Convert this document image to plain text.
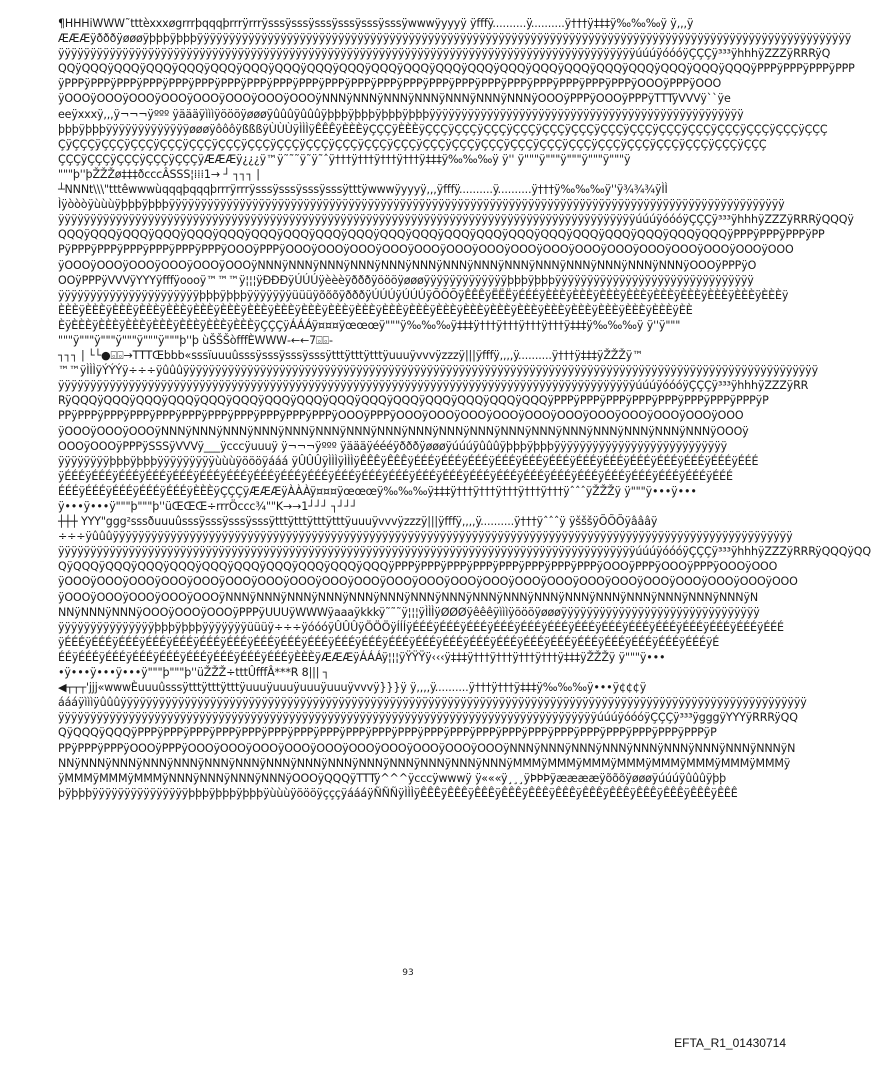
¶HHHiWWW˜tttèxxxøgrrrþqqqþrrrÿrrrÿsssÿsssÿsssÿsssÿsssÿsssÿwwwÿyyyÿ ÿfffÿ..........ÿ..........ÿ†††ÿ‡‡‡ÿ‰‰‰ÿ ÿ,,,ÿ
ÆÆÆÿðððÿøøøÿþþþÿþþþÿÿÿÿÿÿÿÿÿÿÿÿÿÿÿÿÿÿÿÿÿÿÿÿÿÿÿÿÿÿÿÿÿÿÿÿÿÿÿÿÿÿÿÿÿÿÿÿÿÿÿÿÿÿÿÿÿÿÿÿÿÿÿÿÿÿÿÿÿÿÿÿÿÿÿÿÿÿÿÿÿÿÿÿÿÿÿÿÿÿÿÿÿÿÿÿÿÿÿÿÿÿ
ÿÿÿÿÿÿÿÿÿÿÿÿÿÿÿÿÿÿÿÿÿÿÿÿÿÿÿÿÿÿÿÿÿÿÿÿÿÿÿÿÿÿÿÿÿÿÿÿÿÿÿÿÿÿÿÿÿÿÿÿÿÿÿÿÿÿÿÿÿÿÿÿÿÿÿÿÿÿÿÿÿÿÿÿÿÿÿÿÿÿúúúÿóóóÿÇÇÇÿ³³³ÿhhhÿZZZÿRRRÿQ
QQÿQQQÿQQQÿQQQÿQQQÿQQQÿQQQÿQQQÿQQQÿQQQÿQQQÿQQQÿQQQÿQQQÿQQQÿQQQÿQQQÿQQQÿQQQÿQQQÿQQQÿQQQÿPPPÿPPPÿPPPÿPPP
ÿPPPÿPPPÿPPPÿPPPÿPPPÿPPPÿPPPÿPPPÿPPPÿPPPÿPPPÿPPPÿPPPÿPPPÿPPPÿPPPÿPPPÿPPPÿPPPÿPPPÿPPPÿPPPÿOOOÿPPPÿOOO
ÿOOOÿOOOÿOOOÿOOOÿOOOÿOOOÿOOOÿOOOÿNNNÿNNNÿNNNÿNNNÿNNNÿNNNÿNNNÿOOOÿPPPÿOOOÿPPPÿTTTÿVVVÿ``ÿe
eeÿxxxÿ,,,ÿ¬¬¬ÿººº ÿäääÿìììÿöööÿøøøÿûûûÿûûûÿþþþÿþþþÿþþþÿþþþÿÿÿÿÿÿÿÿÿÿÿÿÿÿÿÿÿÿÿÿÿÿÿÿÿÿÿÿÿÿÿÿÿÿÿÿÿÿÿÿÿÿÿÿÿÿÿÿÿ
þþþÿþþþÿÿÿÿÿÿÿÿÿÿÿÿÿøøøÿôôôÿßßßÿÙÙÙÿÌÌÌÿÊÊÊÿÈÈÈÿÇÇÇÿÈÈÈÿÇÇÇÿÇÇÇÿÇÇÇÿÇÇÇÿÇÇÇÿÇÇÇÿÇÇÇÿÇÇÇÿÇÇÇÿÇÇÇÿÇÇÇÿÇÇÇÿÇÇÇÿÇÇÇ
ÇÿÇÇÇÿÇÇÇÿÇÇÇÿÇÇÇÿÇÇÇÿÇÇÇÿÇÇÇÿÇÇÇÿÇÇÇÿÇÇÇÿÇÇÇÿÇÇÇÿÇÇÇÿÇÇÇÿÇÇÇÿÇÇÇÿÇÇÇÿÇÇÇÿÇÇÇÿÇÇÇÿÇÇÇÿÇÇÇÿÇÇÇÿÇÇÇ
ÇÇÇÿÇÇÇÿÇÇÇÿÇÇÇÿÇÇÇÿÆÆÆÿ¿¿¿ÿ™ÿ˜˜˜ÿ˜ÿ˜ˆÿ†††ÿ†††ÿ†††ÿ†††ÿ‡‡‡ÿ‰‰‰ÿ ÿ'' ÿ"""ÿ"""ÿ"""ÿ"""ÿ"""ÿ
"""þ''þŽŽŽø‡‡‡ðcccÂSSS¦⁞⁞⁞1→ ┘ ┐┐┐ |
┴NNNt\\\"tttêwwwùqqqþqqqþrrrÿrrrÿsssÿsssÿsssÿsssÿtttÿwwwÿyyyÿ,,,ÿfffÿ..........ÿ..........ÿ†††ÿ‰‰‰ÿ''ÿ¾¾¾ÿÌÌ
Ìÿòòòÿùùùÿþþþÿþþþÿÿÿÿÿÿÿÿÿÿÿÿÿÿÿÿÿÿÿÿÿÿÿÿÿÿÿÿÿÿÿÿÿÿÿÿÿÿÿÿÿÿÿÿÿÿÿÿÿÿÿÿÿÿÿÿÿÿÿÿÿÿÿÿÿÿÿÿÿÿÿÿÿÿÿÿÿÿÿÿÿÿÿÿÿÿÿÿÿÿÿÿÿÿÿÿ
ÿÿÿÿÿÿÿÿÿÿÿÿÿÿÿÿÿÿÿÿÿÿÿÿÿÿÿÿÿÿÿÿÿÿÿÿÿÿÿÿÿÿÿÿÿÿÿÿÿÿÿÿÿÿÿÿÿÿÿÿÿÿÿÿÿÿÿÿÿÿÿÿÿÿÿÿÿÿÿÿÿÿÿÿÿÿÿÿÿÿúúúÿóóóÿÇÇÇÿ³³³ÿhhhÿZZZÿRRRÿQQQÿ
QQQÿQQQÿQQQÿQQQÿQQQÿQQQÿQQQÿQQQÿQQQÿQQQÿQQQÿQQQÿQQQÿQQQÿQQQÿQQQÿQQQÿQQQÿQQQÿQQQÿQQQÿPPPÿPPPÿPPPÿPP
PÿPPPÿPPPÿPPPÿPPPÿPPPÿPPPÿOOOÿPPPÿOOOÿOOOÿOOOÿOOOÿOOOÿOOOÿOOOÿOOOÿOOOÿOOOÿOOOÿOOOÿOOOÿOOOÿOOOÿOOO
ÿOOOÿOOOÿOOOÿOOOÿOOOÿOOOÿNNNÿNNNÿNNNÿNNNÿNNNÿNNNÿNNNÿNNNÿNNNÿNNNÿNNNÿNNNÿNNNÿNNNÿOOOÿPPPÿO
OOÿPPPÿVVVÿYYYÿfffÿoooÿ™™™ÿ¦¦¦ÿÐÐÐÿÚÚÚÿèèèÿðððÿöööÿøøøÿÿÿÿÿÿÿÿÿÿÿÿÿþþþÿþþþÿÿÿÿÿÿÿÿÿÿÿÿÿÿÿÿÿÿÿÿÿÿÿÿÿÿÿÿÿÿÿ
ÿÿÿÿÿÿÿÿÿÿÿÿÿÿÿÿÿÿÿÿÿÿþþþÿþþþÿÿÿÿÿÿÿüüüÿõõõÿðððÿÚÚÚÿÚÚÚÿÕÕÕÿÊÊÊÿËËËÿÉÉÉÿÈÈÈÿÈÈÈÿÈÈÈÿÈÈÈÿÈÈÈÿÈÈÈÿÈÈÈÿÈÈÈÿÈÈÈÿ
ÈÈÈÿÈÈÈÿÈÈÈÿÈÈÈÿÈÈÈÿÈÈÈÿÈÈÈÿÈÈÈÿÈÈÈÿÈÈÈÿÈÈÈÿÈÈÈÿÈÈÈÿÈÈÈÿÈÈÈÿÈÈÈÿÈÈÈÿÈÈÈÿÈÈÈÿÈÈÈÿÈÈÈÿÈÈÈÿÈÈÈÿÈÈ
ÈÿÈÈÈÿÈÈÈÿÈÈÈÿÈÈÈÿÈÈÈÿÈÈÈÿÈÈÈÿÇÇÇÿÁÁÁÿ¤¤¤ÿœœœÿ"""ÿ‰‰‰ÿ‡‡‡ÿ†††ÿ†††ÿ†††ÿ†††ÿ‡‡‡ÿ‰‰‰ÿ ÿ''ÿ"""
"""ÿ"""ÿ"""ÿ"""ÿ"""ÿ"""þ''þ ùŠŠŠòfffÈWWW‑←←7⌻⌻-
┐┐┐ | └└●⌻⌻→TTTŒbbb«sssïuuuûsssÿsssÿsssÿsssÿtttÿtttÿtttÿuuuÿvvvÿzzzÿ|||ÿfffÿ,,,,ÿ..........ÿ†††ÿ‡‡‡ÿŽŽŽÿ™
™™ÿÌÌÌÿÝÝÝÿ÷÷÷ÿûûûÿÿÿÿÿÿÿÿÿÿÿÿÿÿÿÿÿÿÿÿÿÿÿÿÿÿÿÿÿÿÿÿÿÿÿÿÿÿÿÿÿÿÿÿÿÿÿÿÿÿÿÿÿÿÿÿÿÿÿÿÿÿÿÿÿÿÿÿÿÿÿÿÿÿÿÿÿÿÿÿÿÿÿÿÿÿÿÿÿÿÿÿÿÿÿÿÿÿÿ
ÿÿÿÿÿÿÿÿÿÿÿÿÿÿÿÿÿÿÿÿÿÿÿÿÿÿÿÿÿÿÿÿÿÿÿÿÿÿÿÿÿÿÿÿÿÿÿÿÿÿÿÿÿÿÿÿÿÿÿÿÿÿÿÿÿÿÿÿÿÿÿÿÿÿÿÿÿÿÿÿÿÿÿÿÿÿÿÿÿÿúúúÿóóóÿÇÇÇÿ³³³ÿhhhÿZZZÿRR
RÿQQQÿQQQÿQQQÿQQQÿQQQÿQQQÿQQQÿQQQÿQQQÿQQQÿQQQÿQQQÿQQQÿQQQÿQQQÿPPPÿPPPÿPPPÿPPPÿPPPÿPPPÿPPPÿPPPÿP
PPÿPPPÿPPPÿPPPÿPPPÿPPPÿPPPÿPPPÿPPPÿPPPÿPPPÿOOOÿPPPÿOOOÿOOOÿOOOÿOOOÿOOOÿOOOÿOOOÿOOOÿOOOÿOOOÿOOO
ÿOOOÿOOOÿOOOÿNNNÿNNNÿNNNÿNNNÿNNNÿNNNÿNNNÿNNNÿNNNÿNNNÿNNNÿNNNÿNNNÿNNNÿNNNÿNNNÿNNNÿNNNÿOOOÿ
OOOÿOOOÿPPPÿSSSÿVVVÿ___ÿcccÿuuuÿ ÿ¬¬¬ÿººº ÿäääÿéééÿðððÿøøøÿúúúÿûûûÿþþþÿþþþÿÿÿÿÿÿÿÿÿÿÿÿÿÿÿÿÿÿÿÿÿÿÿÿÿÿÿ
ÿÿÿÿÿÿÿÿþþþÿþþþÿÿÿÿÿÿÿÿÿùùùÿöööÿááá ÿÛÛÛÿÌÌÌÿÌÌÌÿÊÊÊÿÊÊÊÿÉÉÉÿÉÉÉÿÉÉÉÿÉÉÉÿÉÉÉÿÉÉÉÿÉÉÉÿÉÉÉÿÉÉÉÿÉÉÉÿÉÉÉÿÉÉÉÿÉÉÉ
ÿÉÉÉÿÉÉÉÿÉÉÉÿÉÉÉÿÉÉÉÿÉÉÉÿÉÉÉÿÉÉÉÿÉÉÉÿÉÉÉÿÉÉÉÿÉÉÉÿÉÉÉÿÉÉÉÿÉÉÉÿÉÉÉÿÉÉÉÿÉÉÉÿÉÉÉÿÉÉÉÿÉÉÉÿÉÉÉÿÉÉÉÿÉÉÉÿÉÉÉ
ÉÉÉÿÉÉÉÿÉÉÉÿÉÉÉÿÉÉÉÿÈÈÈÿÇÇÇÿÆÆÆÿÀÀÀÿ¤¤¤ÿœœœÿ‰‰‰ÿ‡‡‡ÿ†††ÿ†††ÿ†††ÿ†††ÿ†††ÿˆˆˆÿŽŽŽÿ ÿ"""ÿ•••ÿ•••
ÿ•••ÿ•••ÿ"""þ"""þ''üŒŒŒ÷rrrÖccc¾""K→→1┘┘┘ ┐┘┘┘
┼┼┼ YYY"ggg²sssðuuuûsssÿsssÿsssÿsssÿtttÿtttÿtttÿtttÿuuuÿvvvÿzzzÿ|||ÿfffÿ,,,,ÿ..........ÿ†††ÿˆˆˆÿ ÿšššÿÕÕÕÿâââÿ
÷÷÷ÿûûûÿÿÿÿÿÿÿÿÿÿÿÿÿÿÿÿÿÿÿÿÿÿÿÿÿÿÿÿÿÿÿÿÿÿÿÿÿÿÿÿÿÿÿÿÿÿÿÿÿÿÿÿÿÿÿÿÿÿÿÿÿÿÿÿÿÿÿÿÿÿÿÿÿÿÿÿÿÿÿÿÿÿÿÿÿÿÿÿÿÿÿÿÿÿÿÿÿÿÿÿÿÿÿÿÿÿ
ÿÿÿÿÿÿÿÿÿÿÿÿÿÿÿÿÿÿÿÿÿÿÿÿÿÿÿÿÿÿÿÿÿÿÿÿÿÿÿÿÿÿÿÿÿÿÿÿÿÿÿÿÿÿÿÿÿÿÿÿÿÿÿÿÿÿÿÿÿÿÿÿÿÿÿÿÿÿÿÿÿÿÿÿÿÿÿÿÿÿúúúÿóóóÿÇÇÇÿ³³³ÿhhhÿZZZÿRRRÿQQQÿQQ
QÿQQQÿQQQÿQQQÿQQQÿQQQÿQQQÿQQQÿQQQÿQQQÿQQQÿPPPÿPPPÿPPPÿPPPÿPPPÿPPPÿPPPÿPPPÿOOOÿPPPÿOOOÿPPPÿOOOÿOOO
ÿOOOÿOOOÿOOOÿOOOÿOOOÿOOOÿOOOÿOOOÿOOOÿOOOÿOOOÿOOOÿOOOÿOOOÿOOOÿOOOÿOOOÿOOOÿOOOÿOOOÿOOOÿOOOÿOOO
ÿOOOÿOOOÿOOOÿOOOÿOOOÿNNNÿNNNÿNNNÿNNNÿNNNÿNNNÿNNNÿNNNÿNNNÿNNNÿNNNÿNNNÿNNNÿNNNÿNNNÿNNNÿNNNÿN
NNÿNNNÿNNNÿOOOÿOOOÿOOOÿPPPÿUUUÿWWWÿaaaÿkkkÿ˜˜˜ÿ¦¦¦ÿÌÌÌÿØØØÿêêêÿìììÿöööÿøøøÿÿÿÿÿÿÿÿÿÿÿÿÿÿÿÿÿÿÿÿÿÿÿÿÿÿÿÿÿÿÿ
ÿÿÿÿÿÿÿÿÿÿÿÿÿÿÿþþþÿþþþÿÿÿÿÿÿÿüüüÿ÷÷÷ÿóóóÿÛÛÛÿÖÖÖÿÍÍÍÿÉÉÉÿÉÉÉÿÉÉÉÿÉÉÉÿÉÉÉÿÉÉÉÿÉÉÉÿÉÉÉÿÉÉÉÿÉÉÉÿÉÉÉÿÉÉÉÿÉÉÉÿÉÉÉ
ÿÉÉÉÿÉÉÉÿÉÉÉÿÉÉÉÿÉÉÉÿÉÉÉÿÉÉÉÿÉÉÉÿÉÉÉÿÉÉÉÿÉÉÉÿÉÉÉÿÉÉÉÿÉÉÉÿÉÉÉÿÉÉÉÿÉÉÉÿÉÉÉÿÉÉÉÿÉÉÉÿÉÉÉÿÉÉÉÿÉÉÉÿÉÉÉÿÉ
ÉÉÿÉÉÉÿÉÉÉÿÉÉÉÿÉÉÉÿÉÉÉÿÉÉÉÿÉÉÉÿÉÉÉÿÈÈÈÿÆÆÆÿÁÁÁÿ¦¦¦ÿŸŸŸÿ‹‹‹ÿ‡‡‡ÿ†††ÿ†††ÿ†††ÿ†††ÿ‡‡‡ÿŽŽŽÿ ÿ"""ÿ•••
•ÿ•••ÿ•••ÿ•••ÿ"""þ"""þ''üŽŽŽ÷tttÛfffÂ***R 8||| ┐
◀┬┬┬'jjj«wwwÈuuuûsssÿtttÿtttÿtttÿuuuÿuuuÿuuuÿuuuÿvvvÿ}}}ÿ ÿ,,,,ÿ..........ÿ†††ÿ†††ÿ‡‡‡ÿ‰‰‰ÿ•••ÿ¢¢¢ÿ
áááÿìììÿûûûÿÿÿÿÿÿÿÿÿÿÿÿÿÿÿÿÿÿÿÿÿÿÿÿÿÿÿÿÿÿÿÿÿÿÿÿÿÿÿÿÿÿÿÿÿÿÿÿÿÿÿÿÿÿÿÿÿÿÿÿÿÿÿÿÿÿÿÿÿÿÿÿÿÿÿÿÿÿÿÿÿÿÿÿÿÿÿÿÿÿÿÿÿÿÿÿÿÿÿÿÿÿÿÿÿÿÿ
ÿÿÿÿÿÿÿÿÿÿÿÿÿÿÿÿÿÿÿÿÿÿÿÿÿÿÿÿÿÿÿÿÿÿÿÿÿÿÿÿÿÿÿÿÿÿÿÿÿÿÿÿÿÿÿÿÿÿÿÿÿÿÿÿÿÿÿÿÿÿÿÿÿÿÿÿÿÿÿÿÿÿÿÿúúúÿóóóÿÇÇÇÿ³³³ÿgggÿYYYÿRRRÿQQ
QÿQQQÿQQQÿPPPÿPPPÿPPPÿPPPÿPPPÿPPPÿPPPÿPPPÿPPPÿPPPÿPPPÿPPPÿPPPÿPPPÿPPPÿPPPÿPPPÿPPPÿPPPÿPPPÿPPPÿPPPÿP
PPÿPPPÿPPPÿOOOÿPPPÿOOOÿOOOÿOOOÿOOOÿOOOÿOOOÿOOOÿOOOÿOOOÿOOOÿNNNÿNNNÿNNNÿNNNÿNNNÿNNNÿNNNÿNNNÿNNNÿN
NNÿNNNÿNNNÿNNNÿNNNÿNNNÿNNNÿNNNÿNNNÿNNNÿNNNÿNNNÿNNNÿNNNÿNNNÿMMMÿMMMÿMMMÿMMMÿMMMÿMMMÿMMMÿMMMÿ
ÿMMMÿMMMÿMMMÿNNNÿNNNÿNNNÿNNNÿOOOÿQQQÿTTTÿ^^^ÿcccÿwwwÿ ÿ«««ÿ¸¸¸ÿÞÞÞÿææææÿõõõÿøøøÿúúúÿûûûÿþþ
þÿþþþÿÿÿÿÿÿÿÿÿÿÿÿÿÿÿþþþÿþþþÿþþþÿùùùÿöööÿçççÿáááÿÑÑÑÿÌÌÌÿÊÊÊÿÊÊÊÿÊÊÊÿÊÊÊÿÊÊÊÿÊÊÊÿÊÊÊÿÊÊÊÿÊÊÊÿÊÊÊÿÊÊÊÿÊÊÊ
93
EFTA_R1_01430714
